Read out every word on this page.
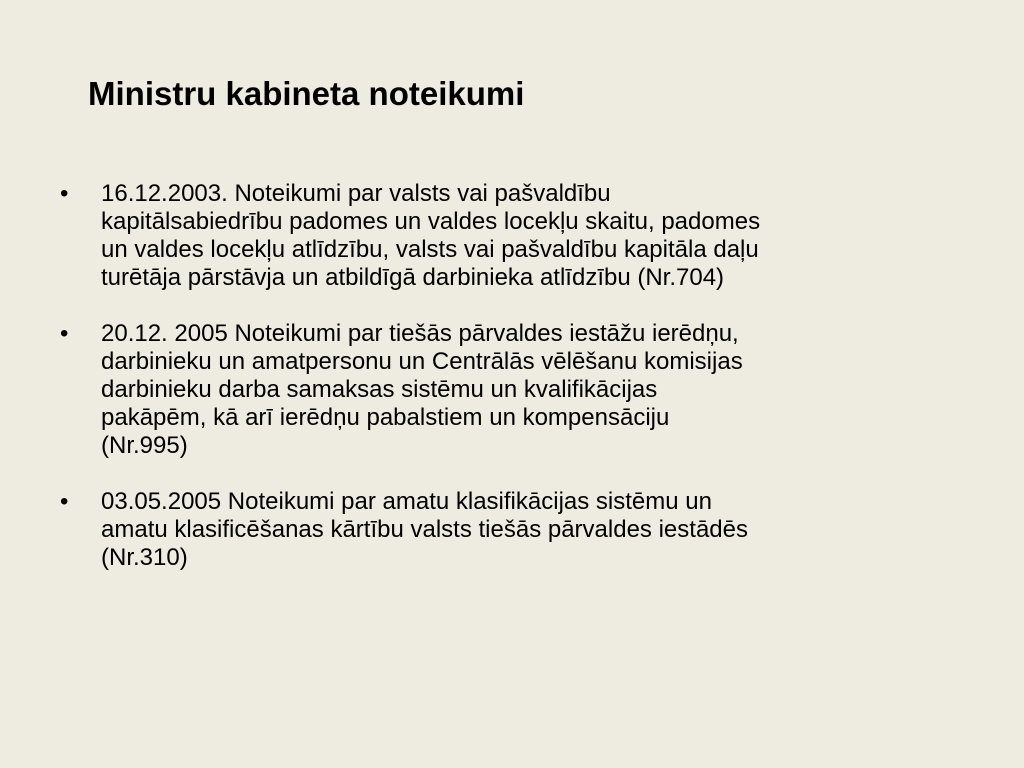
Ministru kabineta noteikumi
•	16.12.2003. Noteikumi par valsts vai pašvaldību
kapitālsabiedrību padomes un valdes locekļu skaitu, padomes
un valdes locekļu atlīdzību, valsts vai pašvaldību kapitāla daļu
turētāja pārstāvja un atbildīgā darbinieka atlīdzību (Nr.704)
•	20.12. 2005 Noteikumi par tiešās pārvaldes iestāžu ierēdņu,
darbinieku un amatpersonu un Centrālās vēlēšanu komisijas
darbinieku darba samaksas sistēmu un kvalifikācijas
pakāpēm, kā arī ierēdņu pabalstiem un kompensāciju
(Nr.995)
•	03.05.2005 Noteikumi par amatu klasifikācijas sistēmu un
amatu klasificēšanas kārtību valsts tiešās pārvaldes iestādēs
(Nr.310)
